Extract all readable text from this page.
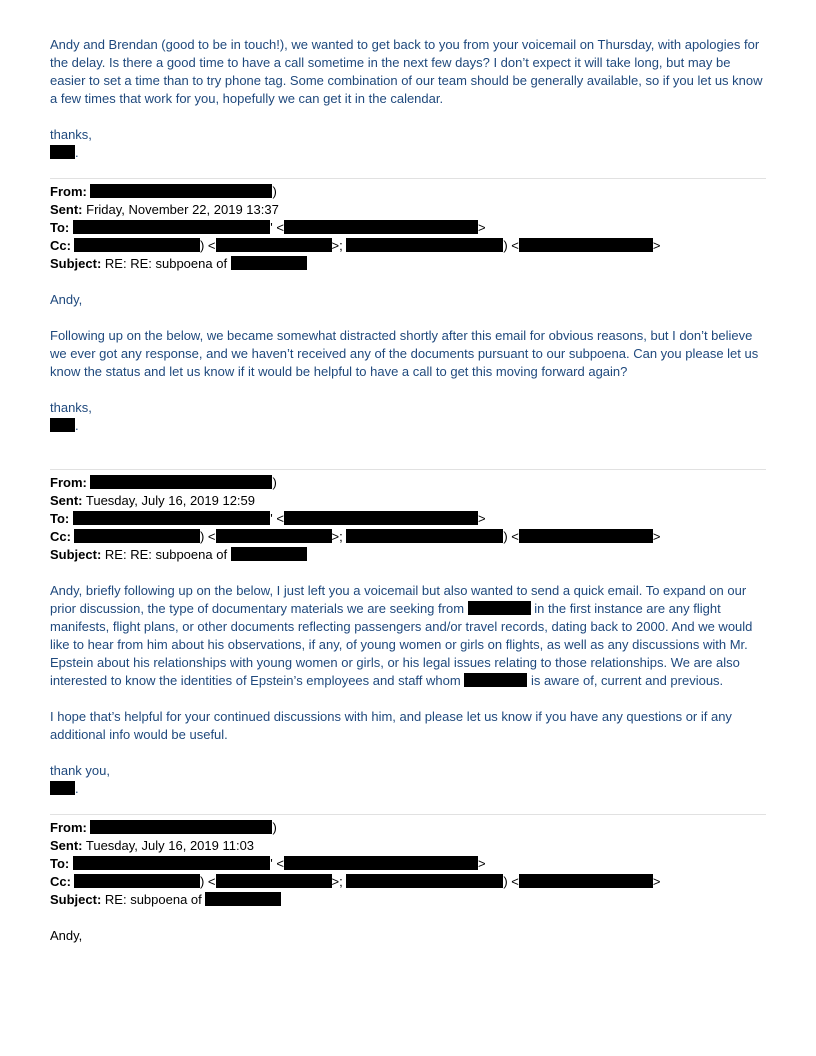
Andy and Brendan (good to be in touch!), we wanted to get back to you from your voicemail on Thursday, with apologies for the delay. Is there a good time to have a call sometime in the next few days? I don’t expect it will take long, but may be easier to set a time than to try phone tag. Some combination of our team should be generally available, so if you let us know a few times that work for you, hopefully we can get it in the calendar.

thanks,

.
From:	)
Sent: Friday, November 22, 2019 13:37
To:	' <	>
Cc:	) <	>;	) <	>
Subject: RE: RE: subpoena of

Andy,

Following up on the below, we became somewhat distracted shortly after this email for obvious reasons, but I don’t believe we ever got any response, and we haven’t received any of the documents pursuant to our subpoena. Can you please let us know the status and let us know if it would be helpful to have a call to get this moving forward again?

thanks,

.
From:	)
Sent: Tuesday, July 16, 2019 12:59
To:	' <	>
Cc:	) <	>;	) <	>
Subject: RE: RE: subpoena of

Andy, briefly following up on the below, I just left you a voicemail but also wanted to send a quick email. To expand on our prior discussion, the type of documentary materials we are seeking from	in the first instance are any flight manifests, flight plans, or other documents reflecting passengers and/or travel records, dating back to 2000. And we would like to hear from him about his observations, if any, of young women or girls on flights, as well as any discussions with Mr. Epstein about his relationships with young women or girls, or his legal issues relating to those relationships. We are also interested to know the identities of Epstein’s employees and staff whom	is aware of, current and previous.

I hope that’s helpful for your continued discussions with him, and please let us know if you have any questions or if any additional info would be useful.

thank you,

.
From:	)
Sent: Tuesday, July 16, 2019 11:03
To:	' <	>
Cc:	) <	>;	) <	>
Subject: RE: subpoena of

Andy,
